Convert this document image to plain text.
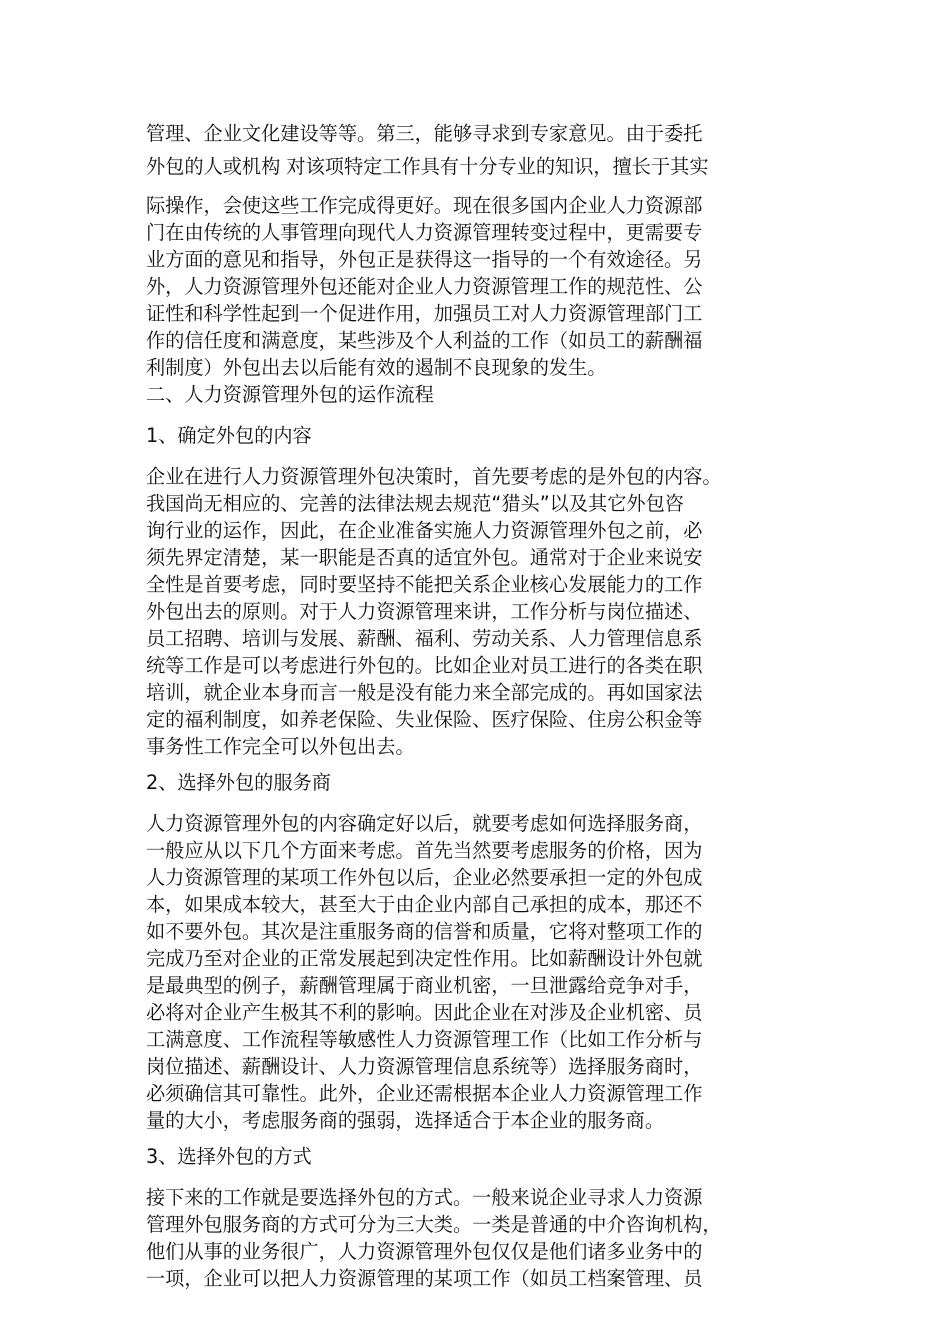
管理、企业文化建设等等。第三，能够寻求到专家意见。由于委托
外包的人或机构 对该项特定工作具有十分专业的知识，擅长于其实
际操作，会使这些工作完成得更好。现在很多国内企业人力资源部
门在由传统的人事管理向现代人力资源管理转变过程中，更需要专
业方面的意见和指导，外包正是获得这一指导的一个有效途径。另
外，人力资源管理外包还能对企业人力资源管理工作的规范性、公
证性和科学性起到一个促进作用，加强员工对人力资源管理部门工
作的信任度和满意度，某些涉及个人利益的工作（如员工的薪酬福
利制度）外包出去以后能有效的遏制不良现象的发生。
二、人力资源管理外包的运作流程
1、确定外包的内容
企业在进行人力资源管理外包决策时，首先要考虑的是外包的内容。
我国尚无相应的、完善的法律法规去规范“猎头”以及其它外包咨
询行业的运作，因此，在企业准备实施人力资源管理外包之前，必
须先界定清楚，某一职能是否真的适宜外包。通常对于企业来说安
全性是首要考虑，同时要坚持不能把关系企业核心发展能力的工作
外包出去的原则。对于人力资源管理来讲，工作分析与岗位描述、
员工招聘、培训与发展、薪酬、福利、劳动关系、人力管理信息系
统等工作是可以考虑进行外包的。比如企业对员工进行的各类在职
培训，就企业本身而言一般是没有能力来全部完成的。再如国家法
定的福利制度，如养老保险、失业保险、医疗保险、住房公积金等
事务性工作完全可以外包出去。
2、选择外包的服务商
人力资源管理外包的内容确定好以后，就要考虑如何选择服务商，
一般应从以下几个方面来考虑。首先当然要考虑服务的价格，因为
人力资源管理的某项工作外包以后，企业必然要承担一定的外包成
本，如果成本较大，甚至大于由企业内部自己承担的成本，那还不
如不要外包。其次是注重服务商的信誉和质量，它将对整项工作的
完成乃至对企业的正常发展起到决定性作用。比如薪酬设计外包就
是最典型的例子，薪酬管理属于商业机密，一旦泄露给竞争对手，
必将对企业产生极其不利的影响。因此企业在对涉及企业机密、员
工满意度、工作流程等敏感性人力资源管理工作（比如工作分析与
岗位描述、薪酬设计、人力资源管理信息系统等）选择服务商时，
必须确信其可靠性。此外，企业还需根据本企业人力资源管理工作
量的大小，考虑服务商的强弱，选择适合于本企业的服务商。
3、选择外包的方式
接下来的工作就是要选择外包的方式。一般来说企业寻求人力资源
管理外包服务商的方式可分为三大类。一类是普通的中介咨询机构，
他们从事的业务很广，人力资源管理外包仅仅是他们诸多业务中的
一项，企业可以把人力资源管理的某项工作（如员工档案管理、员
